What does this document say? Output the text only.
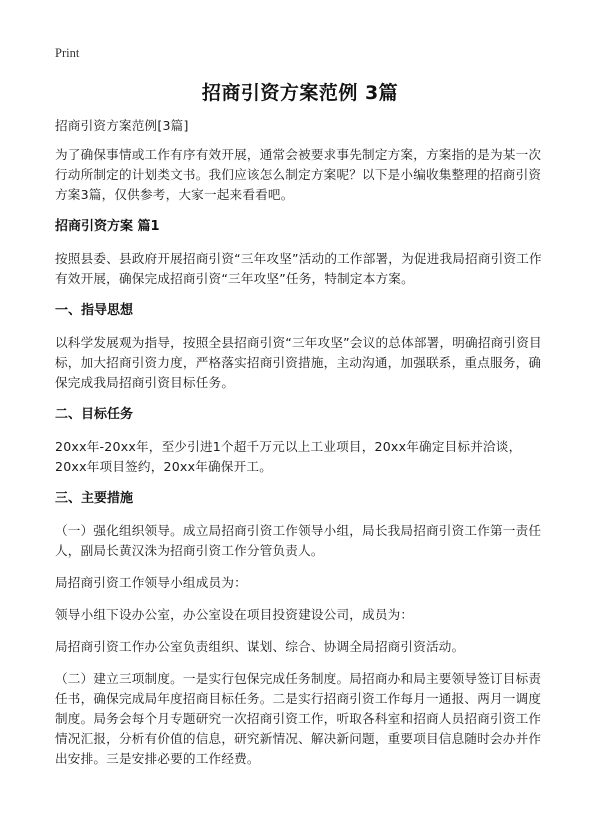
Print
招商引资方案范例 3篇

招商引资方案范例[3篇]

为了确保事情或工作有序有效开展，通常会被要求事先制定方案，方案指的是为某一次行动所制定的计划类文书。我们应该怎么制定方案呢？以下是小编收集整理的招商引资方案3篇，仅供参考，大家一起来看看吧。

招商引资方案 篇1

按照县委、县政府开展招商引资“三年攻坚”活动的工作部署，为促进我局招商引资工作有效开展，确保完成招商引资“三年攻坚”任务，特制定本方案。

一、指导思想

以科学发展观为指导，按照全县招商引资“三年攻坚”会议的总体部署，明确招商引资目标，加大招商引资力度，严格落实招商引资措施，主动沟通，加强联系，重点服务，确保完成我局招商引资目标任务。

二、目标任务

20xx年-20xx年，至少引进1个超千万元以上工业项目，20xx年确定目标并洽谈，20xx年项目签约，20xx年确保开工。

三、主要措施

（一）强化组织领导。成立局招商引资工作领导小组，局长我局招商引资工作第一责任人，副局长黄汉洙为招商引资工作分管负责人。

局招商引资工作领导小组成员为：

领导小组下设办公室，办公室设在项目投资建设公司，成员为：

局招商引资工作办公室负责组织、谋划、综合、协调全局招商引资活动。

（二）建立三项制度。一是实行包保完成任务制度。局招商办和局主要领导签订目标责任书，确保完成局年度招商目标任务。二是实行招商引资工作每月一通报、两月一调度制度。局务会每个月专题研究一次招商引资工作，听取各科室和招商人员招商引资工作情况汇报，分析有价值的信息，研究新情况、解决新问题，重要项目信息随时会办并作出安排。三是安排必要的工作经费。
